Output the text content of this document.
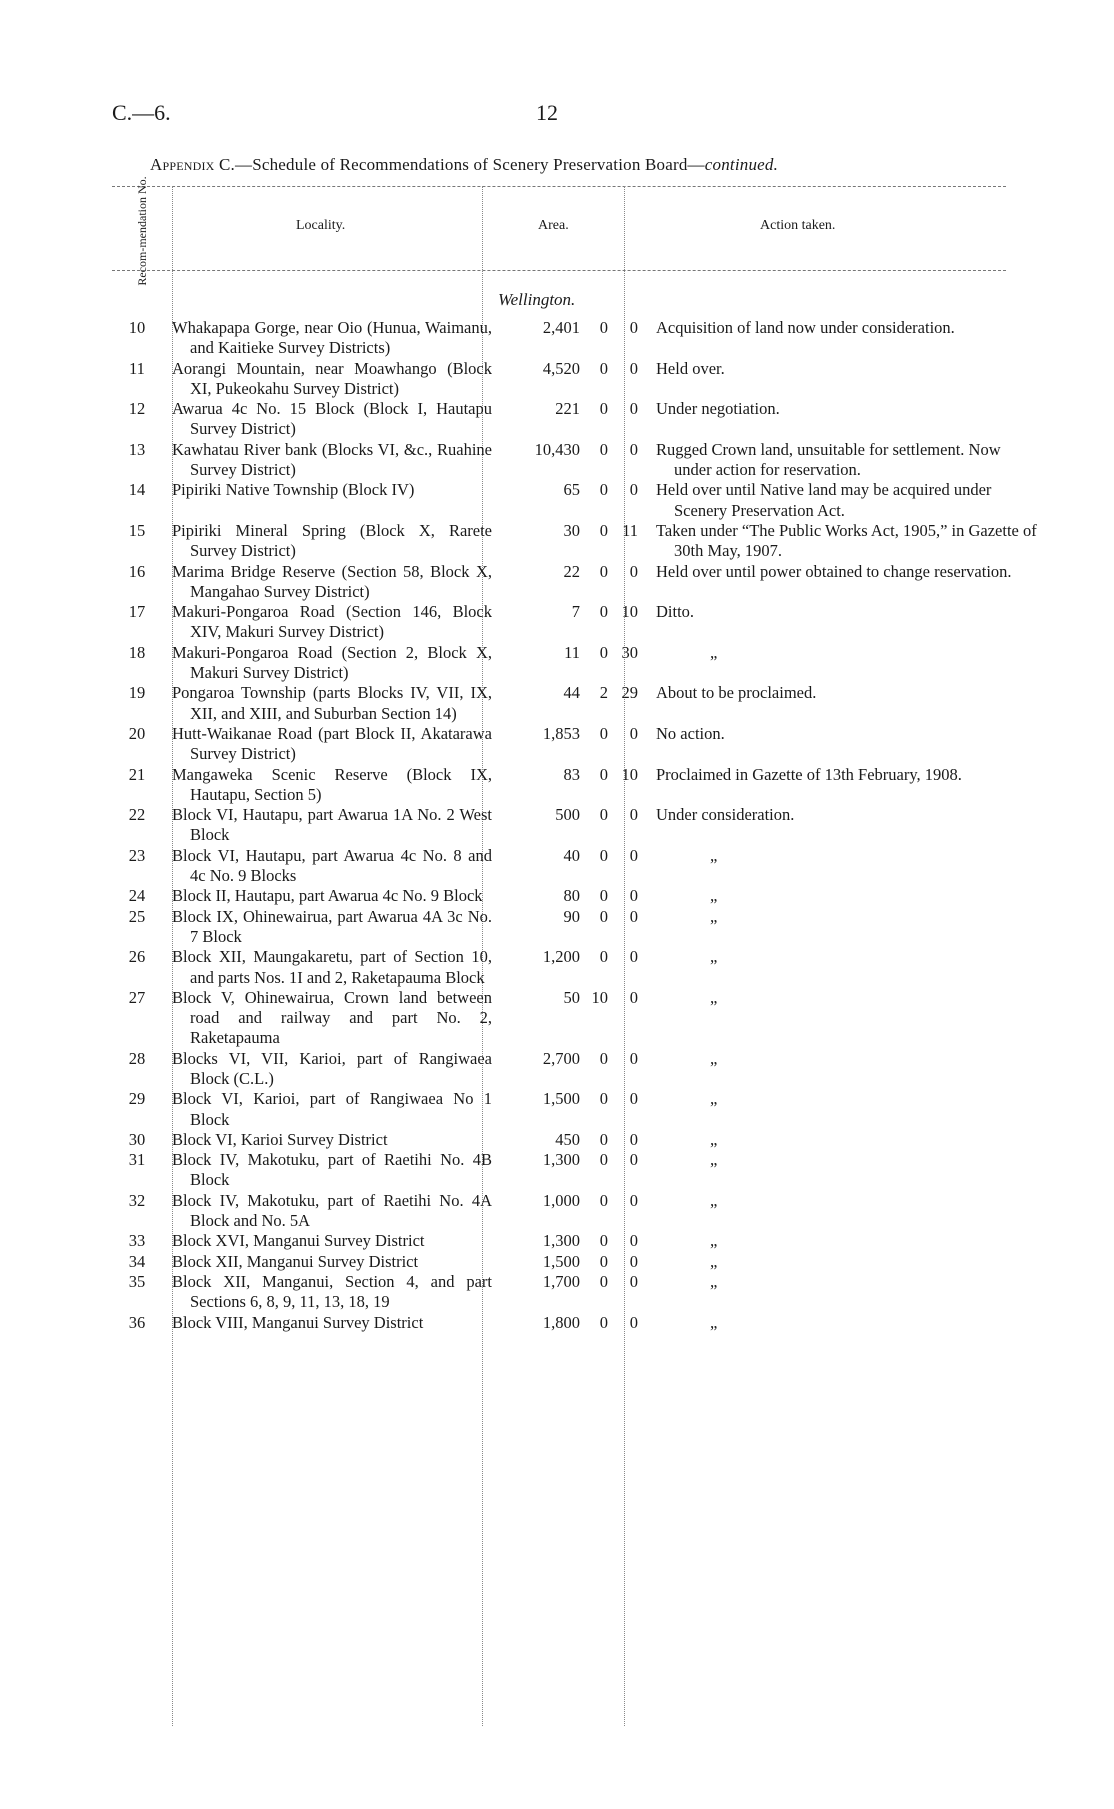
C.—6.	12
Appendix C.—Schedule of Recommendations of Scenery Preservation Board—continued.
Recom-mendation No.	Locality.	Area.	Action taken.
Wellington.
10	Whakapapa Gorge, near Oio (Hunua, Waimanu, and Kaitieke Survey Districts)	2,401 0 0	Acquisition of land now under consideration.

11	Aorangi Mountain, near Moawhango (Block XI, Pukeokahu Survey District)	4,520 0 0	Held over.

12	Awarua 4c No. 15 Block (Block I, Hautapu Survey District)	221 0 0	Under negotiation.

13	Kawhatau River bank (Blocks VI, &c., Ruahine Survey District)	10,430 0 0	Rugged Crown land, unsuitable for settlement. Now under action for reservation.

14	Pipiriki Native Township (Block IV)	65 0 0	Held over until Native land may be acquired under Scenery Preservation Act.

15	Pipiriki Mineral Spring (Block X, Rarete Survey District)	30 0 11	Taken under “The Public Works Act, 1905,” in Gazette of 30th May, 1907.

16	Marima Bridge Reserve (Section 58, Block X, Mangahao Survey District)	22 0 0	Held over until power obtained to change reservation.

17	Makuri-Pongaroa Road (Section 146, Block XIV, Makuri Survey District)	7 0 10	Ditto.

18	Makuri-Pongaroa Road (Section 2, Block X, Makuri Survey District)	11 0 30	„

19	Pongaroa Township (parts Blocks IV, VII, IX, XII, and XIII, and Suburban Section 14)	44 2 29	About to be proclaimed.

20	Hutt-Waikanae Road (part Block II, Akatarawa Survey District)	1,853 0 0	No action.

21	Mangaweka Scenic Reserve (Block IX, Hautapu, Section 5)	83 0 10	Proclaimed in Gazette of 13th February, 1908.

22	Block VI, Hautapu, part Awarua 1A No. 2 West Block	500 0 0	Under consideration.

23	Block VI, Hautapu, part Awarua 4c No. 8 and 4c No. 9 Blocks	40 0 0	„

24	Block II, Hautapu, part Awarua 4c No. 9 Block	80 0 0	„

25	Block IX, Ohinewairua, part Awarua 4A 3c No. 7 Block	90 0 0	„

26	Block XII, Maungakaretu, part of Section 10, and parts Nos. 1I and 2, Raketapauma Block	1,200 0 0	„

27	Block V, Ohinewairua, Crown land between road and railway and part No. 2, Raketapauma	50 10 0	„

28	Blocks VI, VII, Karioi, part of Rangiwaea Block (C.L.)	2,700 0 0	„

29	Block VI, Karioi, part of Rangiwaea No 1 Block	1,500 0 0	„

30	Block VI, Karioi Survey District	450 0 0	„

31	Block IV, Makotuku, part of Raetihi No. 4B Block	1,300 0 0	„

32	Block IV, Makotuku, part of Raetihi No. 4A Block and No. 5A	1,000 0 0	„

33	Block XVI, Manganui Survey District	1,300 0 0	„

34	Block XII, Manganui Survey District	1,500 0 0	„

35	Block XII, Manganui, Section 4, and part Sections 6, 8, 9, 11, 13, 18, 19	1,700 0 0	„

36	Block VIII, Manganui Survey District	1,800 0 0	„
